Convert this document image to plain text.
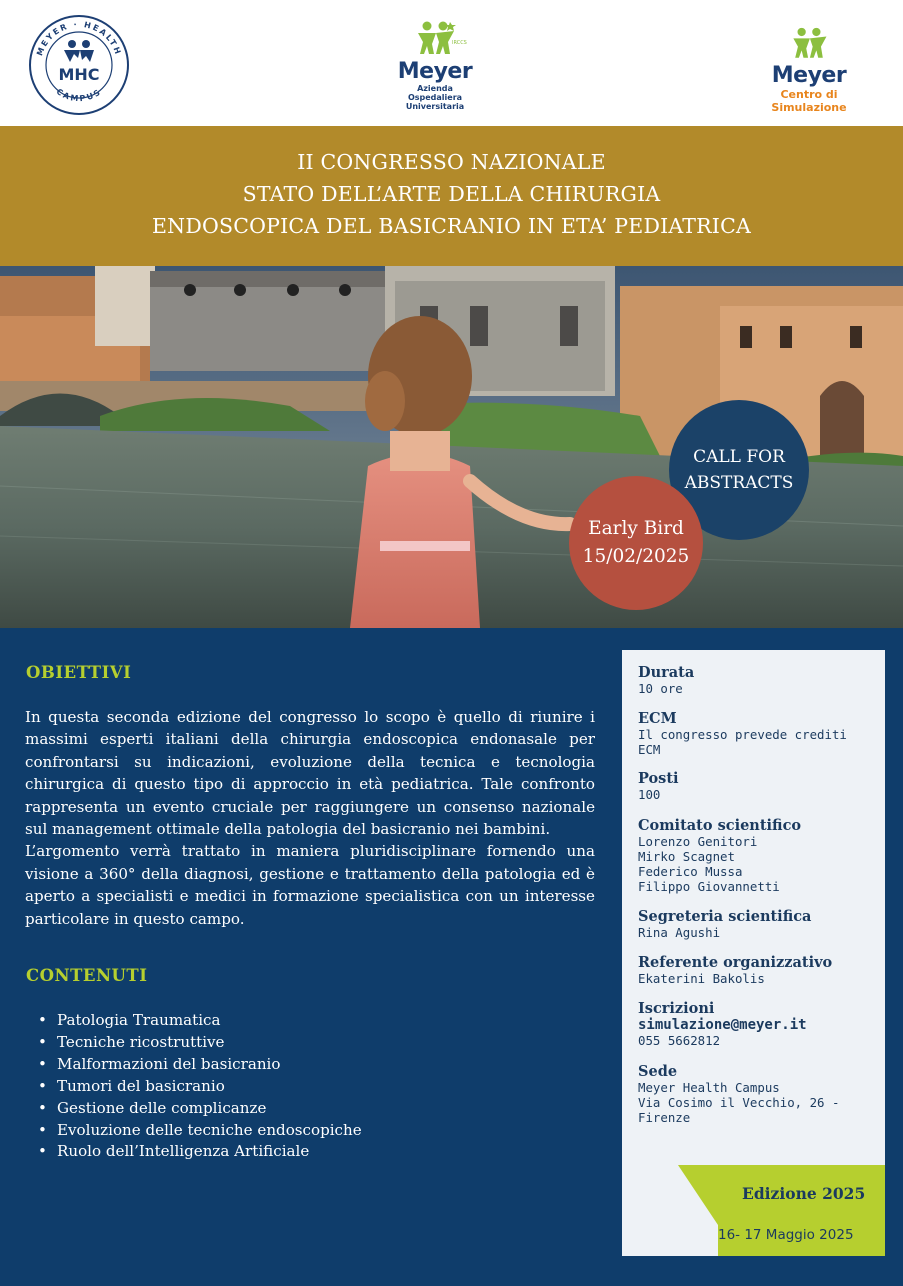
MEYER · HEALTH
CAMPUS
MHC
IRCCS
Meyer
Azienda
Ospedaliera Universitaria
Meyer
Centro di Simulazione
II CONGRESSO NAZIONALE
STATO DELL’ARTE DELLA CHIRURGIA
ENDOSCOPICA DEL BASICRANIO IN ETA’ PEDIATRICA
CALL FOR
ABSTRACTS
Early Bird
15/02/2025
OBIETTIVI

In questa seconda edizione del congresso lo scopo è quello di riunire i massimi esperti italiani della chirurgia endoscopica endonasale per confrontarsi su indicazioni, evoluzione della tecnica e tecnologia chirurgica di questo tipo di approccio in età pediatrica. Tale confronto rappresenta un evento cruciale per raggiungere un consenso nazionale sul management ottimale della patologia del basicranio nei bambini.

L’argomento verrà trattato in maniera pluridisciplinare fornendo una visione a 360° della diagnosi, gestione e trattamento della patologia ed è aperto a specialisti e medici in formazione specialistica con un interesse particolare in questo campo.

CONTENUTI
• Patologia Traumatica
• Tecniche ricostruttive
• Malformazioni del basicranio
• Tumori del basicranio
• Gestione delle complicanze
• Evoluzione delle tecniche endoscopiche
• Ruolo dell’Intelligenza Artificiale
Durata
10 ore
ECM
Il congresso prevede crediti
ECM
Posti
100
Comitato scientifico
Lorenzo Genitori
Mirko Scagnet
Federico Mussa
Filippo Giovannetti
Segreteria scientifica
Rina Agushi
Referente organizzativo
Ekaterini Bakolis
Iscrizioni
simulazione@meyer.it
055 5662812
Sede
Meyer Health Campus
Via Cosimo il Vecchio, 26 -
Firenze
Edizione 2025
16- 17 Maggio 2025
